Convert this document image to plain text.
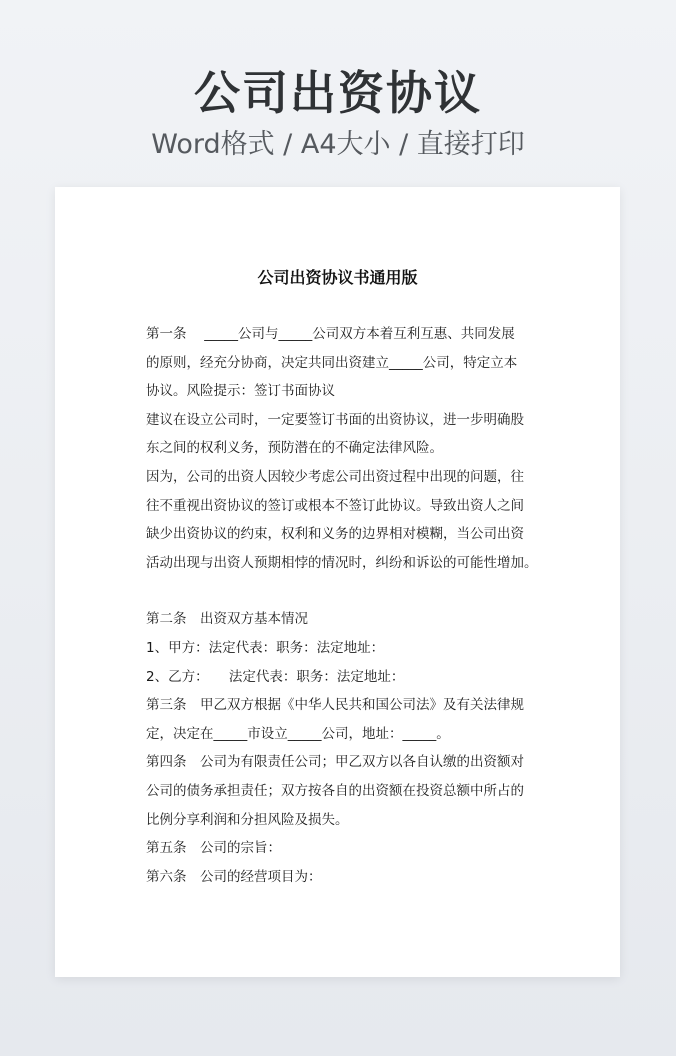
公司出资协议
Word格式 / A4大小 / 直接打印
公司出资协议书通用版
第一条　 _____公司与_____公司双方本着互利互惠、共同发展
的原则，经充分协商，决定共同出资建立_____公司，特定立本
协议。风险提示：签订书面协议
建议在设立公司时，一定要签订书面的出资协议，进一步明确股
东之间的权利义务，预防潜在的不确定法律风险。
因为，公司的出资人因较少考虑公司出资过程中出现的问题，往
往不重视出资协议的签订或根本不签订此协议。导致出资人之间
缺少出资协议的约束，权利和义务的边界相对模糊，当公司出资
活动出现与出资人预期相悖的情况时，纠纷和诉讼的可能性增加。
第二条　出资双方基本情况
1、甲方：法定代表：职务：法定地址：
2、乙方：　　法定代表：职务：法定地址：
第三条　甲乙双方根据《中华人民共和国公司法》及有关法律规
定，决定在_____市设立_____公司，地址：_____。
第四条　公司为有限责任公司；甲乙双方以各自认缴的出资额对
公司的债务承担责任；双方按各自的出资额在投资总额中所占的
比例分享利润和分担风险及损失。
第五条　公司的宗旨：
第六条　公司的经营项目为：
